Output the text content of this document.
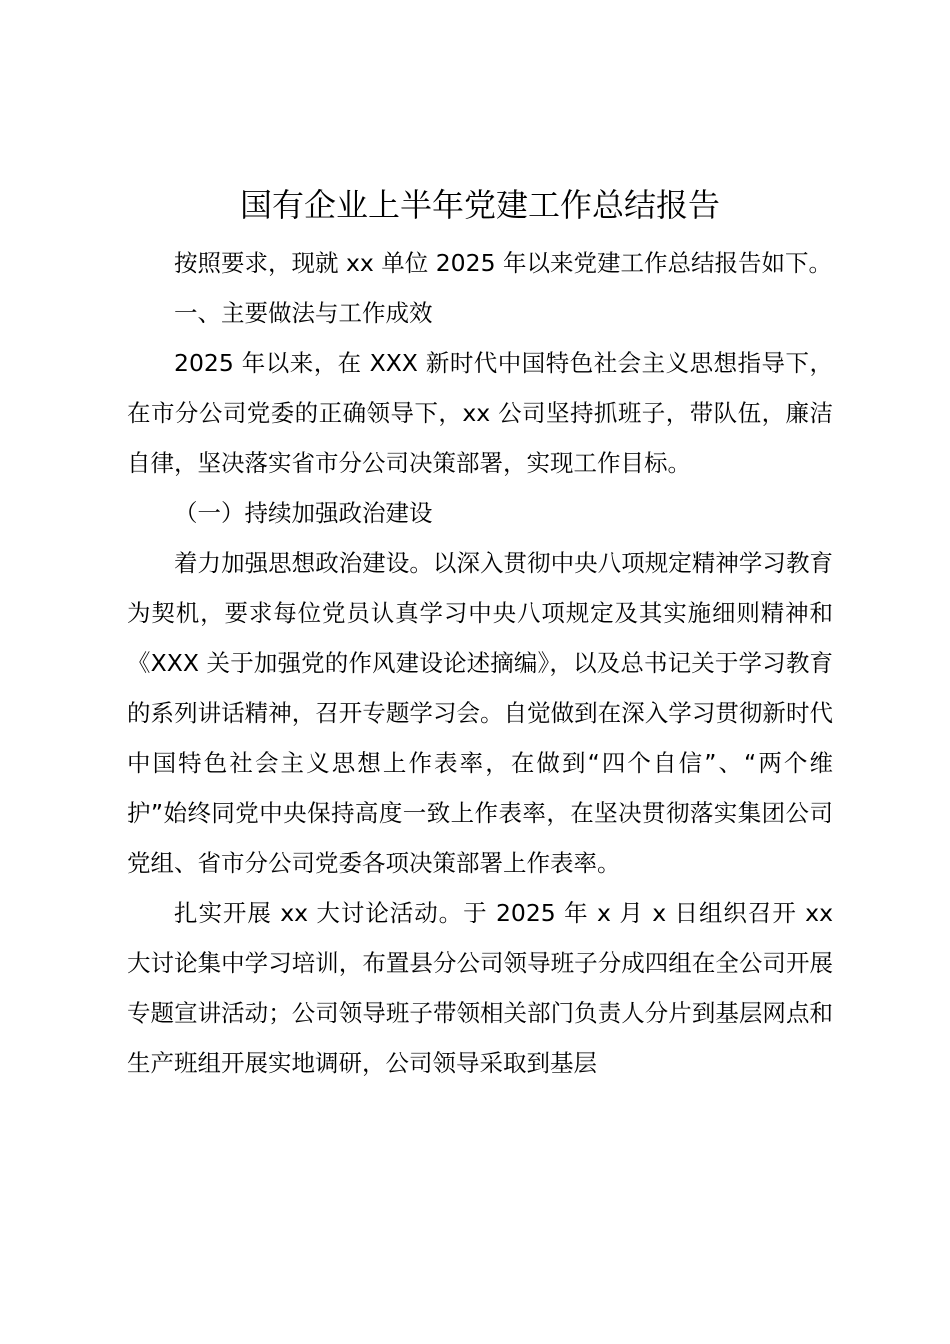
国有企业上半年党建工作总结报告

按照要求，现就 xx 单位 2025 年以来党建工作总结报告如下。

一、主要做法与工作成效

2025 年以来，在 XXX 新时代中国特色社会主义思想指导下，在市分公司党委的正确领导下，xx 公司坚持抓班子，带队伍，廉洁自律，坚决落实省市分公司决策部署，实现工作目标。

（一）持续加强政治建设

着力加强思想政治建设。以深入贯彻中央八项规定精神学习教育为契机，要求每位党员认真学习中央八项规定及其实施细则精神和《XXX 关于加强党的作风建设论述摘编》，以及总书记关于学习教育的系列讲话精神，召开专题学习会。自觉做到在深入学习贯彻新时代中国特色社会主义思想上作表率，在做到“四个自信”、“两个维护”始终同党中央保持高度一致上作表率，在坚决贯彻落实集团公司党组、省市分公司党委各项决策部署上作表率。

扎实开展 xx 大讨论活动。于 2025 年 x 月 x 日组织召开 xx 大讨论集中学习培训，布置县分公司领导班子分成四组在全公司开展专题宣讲活动；公司领导班子带领相关部门负责人分片到基层网点和生产班组开展实地调研，公司领导采取到基层
